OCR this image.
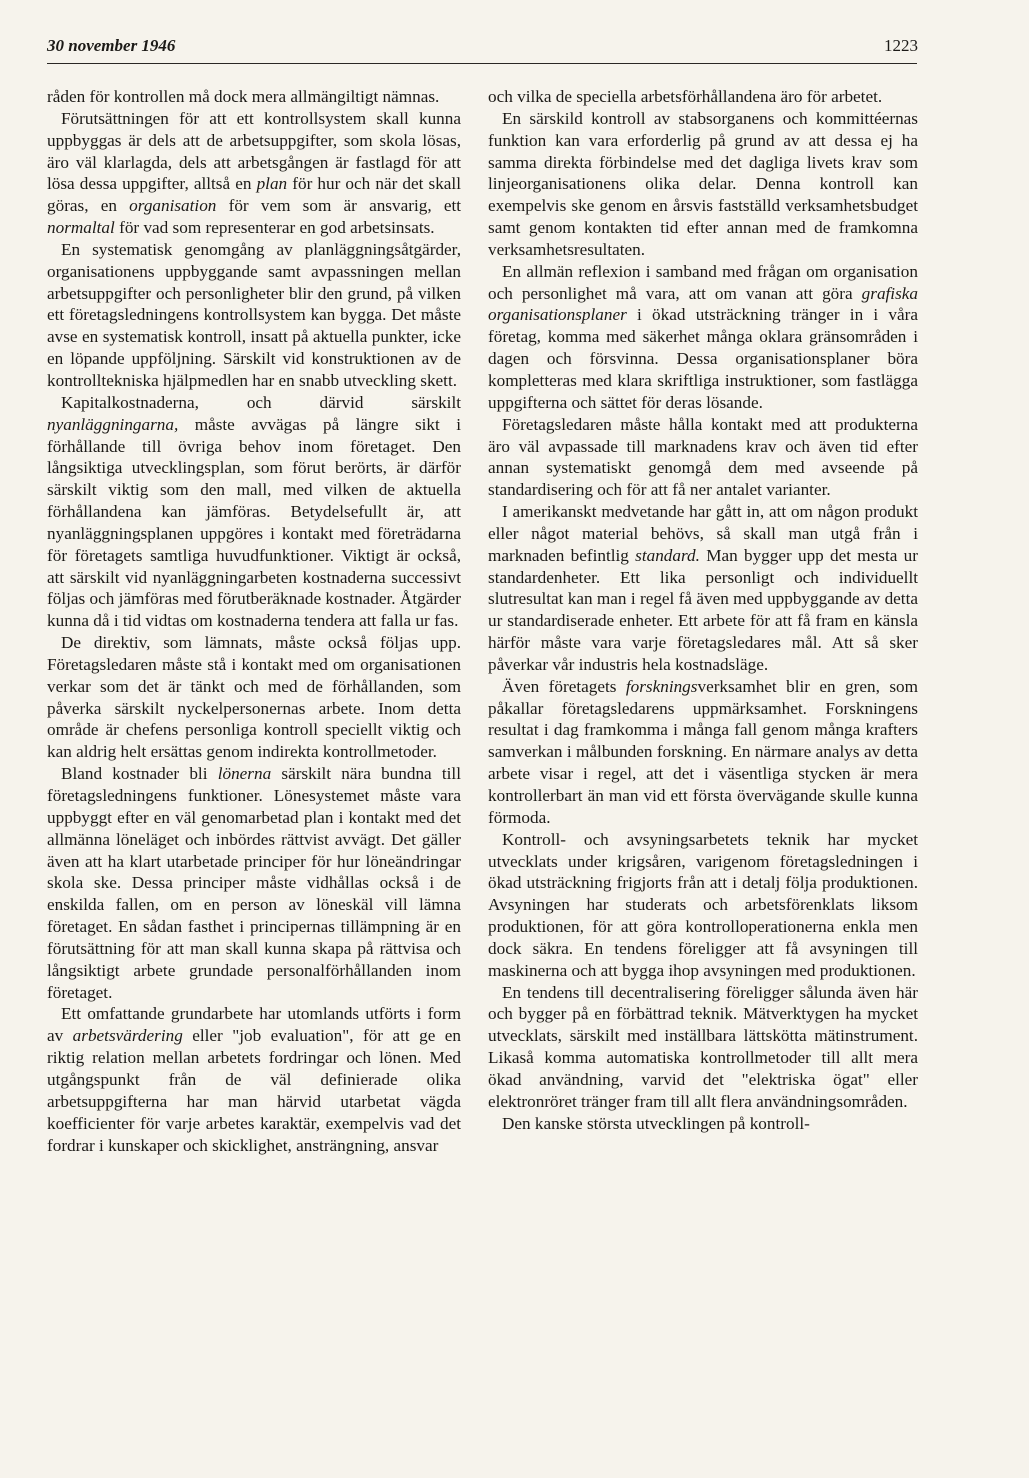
30 november 1946	1223

råden för kontrollen må dock mera allmängiltigt nämnas.

Förutsättningen för att ett kontrollsystem skall kunna uppbyggas är dels att de arbetsuppgifter, som skola lösas, äro väl klarlagda, dels att arbetsgången är fastlagd för att lösa dessa uppgifter, alltså en plan för hur och när det skall göras, en organisation för vem som är ansvarig, ett normaltal för vad som representerar en god arbetsinsats.

En systematisk genomgång av planläggningsåtgärder, organisationens uppbyggande samt avpassningen mellan arbetsuppgifter och personligheter blir den grund, på vilken ett företagsledningens kontrollsystem kan bygga. Det måste avse en systematisk kontroll, insatt på aktuella punkter, icke en löpande uppföljning. Särskilt vid konstruktionen av de kontrolltekniska hjälpmedlen har en snabb utveckling skett.

Kapitalkostnaderna, och därvid särskilt nyanläggningarna, måste avvägas på längre sikt i förhållande till övriga behov inom företaget. Den långsiktiga utvecklingsplan, som förut berörts, är därför särskilt viktig som den mall, med vilken de aktuella förhållandena kan jämföras. Betydelsefullt är, att nyanläggningsplanen uppgöres i kontakt med företrädarna för företagets samtliga huvudfunktioner. Viktigt är också, att särskilt vid nyanläggningarbeten kostnaderna successivt följas och jämföras med förutberäknade kostnader. Åtgärder kunna då i tid vidtas om kostnaderna tendera att falla ur fas.

De direktiv, som lämnats, måste också följas upp. Företagsledaren måste stå i kontakt med om organisationen verkar som det är tänkt och med de förhållanden, som påverka särskilt nyckelpersonernas arbete. Inom detta område är chefens personliga kontroll speciellt viktig och kan aldrig helt ersättas genom indirekta kontrollmetoder.

Bland kostnader bli lönerna särskilt nära bundna till företagsledningens funktioner. Lönesystemet måste vara uppbyggt efter en väl genomarbetad plan i kontakt med det allmänna löneläget och inbördes rättvist avvägt. Det gäller även att ha klart utarbetade principer för hur löneändringar skola ske. Dessa principer måste vidhållas också i de enskilda fallen, om en person av löneskäl vill lämna företaget. En sådan fasthet i principernas tillämpning är en förutsättning för att man skall kunna skapa på rättvisa och långsiktigt arbete grundade personalförhållanden inom företaget.

Ett omfattande grundarbete har utomlands utförts i form av arbetsvärdering eller "job evaluation", för att ge en riktig relation mellan arbetets fordringar och lönen. Med utgångspunkt från de väl definierade olika arbetsuppgifterna har man härvid utarbetat vägda koefficienter för varje arbetes karaktär, exempelvis vad det fordrar i kunskaper och skicklighet, ansträngning, ansvar

och vilka de speciella arbetsförhållandena äro för arbetet.

En särskild kontroll av stabsorganens och kommittéernas funktion kan vara erforderlig på grund av att dessa ej ha samma direkta förbindelse med det dagliga livets krav som linjeorganisationens olika delar. Denna kontroll kan exempelvis ske genom en årsvis fastställd verksamhetsbudget samt genom kontakten tid efter annan med de framkomna verksamhetsresultaten.

En allmän reflexion i samband med frågan om organisation och personlighet må vara, att om vanan att göra grafiska organisationsplaner i ökad utsträckning tränger in i våra företag, komma med säkerhet många oklara gränsområden i dagen och försvinna. Dessa organisationsplaner böra kompletteras med klara skriftliga instruktioner, som fastlägga uppgifterna och sättet för deras lösande.

Företagsledaren måste hålla kontakt med att produkterna äro väl avpassade till marknadens krav och även tid efter annan systematiskt genomgå dem med avseende på standardisering och för att få ner antalet varianter.

I amerikanskt medvetande har gått in, att om någon produkt eller något material behövs, så skall man utgå från i marknaden befintlig standard. Man bygger upp det mesta ur standardenheter. Ett lika personligt och individuellt slutresultat kan man i regel få även med uppbyggande av detta ur standardiserade enheter. Ett arbete för att få fram en känsla härför måste vara varje företagsledares mål. Att så sker påverkar vår industris hela kostnadsläge.

Även företagets forskningsverksamhet blir en gren, som påkallar företagsledarens uppmärksamhet. Forskningens resultat i dag framkomma i många fall genom många krafters samverkan i målbunden forskning. En närmare analys av detta arbete visar i regel, att det i väsentliga stycken är mera kontrollerbart än man vid ett första övervägande skulle kunna förmoda.

Kontroll- och avsyningsarbetets teknik har mycket utvecklats under krigsåren, varigenom företagsledningen i ökad utsträckning frigjorts från att i detalj följa produktionen. Avsyningen har studerats och arbetsförenklats liksom produktionen, för att göra kontrolloperationerna enkla men dock säkra. En tendens föreligger att få avsyningen till maskinerna och att bygga ihop avsyningen med produktionen.

En tendens till decentralisering föreligger sålunda även här och bygger på en förbättrad teknik. Mätverktygen ha mycket utvecklats, särskilt med inställbara lättskötta mätinstrument. Likaså komma automatiska kontrollmetoder till allt mera ökad användning, varvid det "elektriska ögat" eller elektronröret tränger fram till allt flera användningsområden.

Den kanske största utvecklingen på kontroll-
